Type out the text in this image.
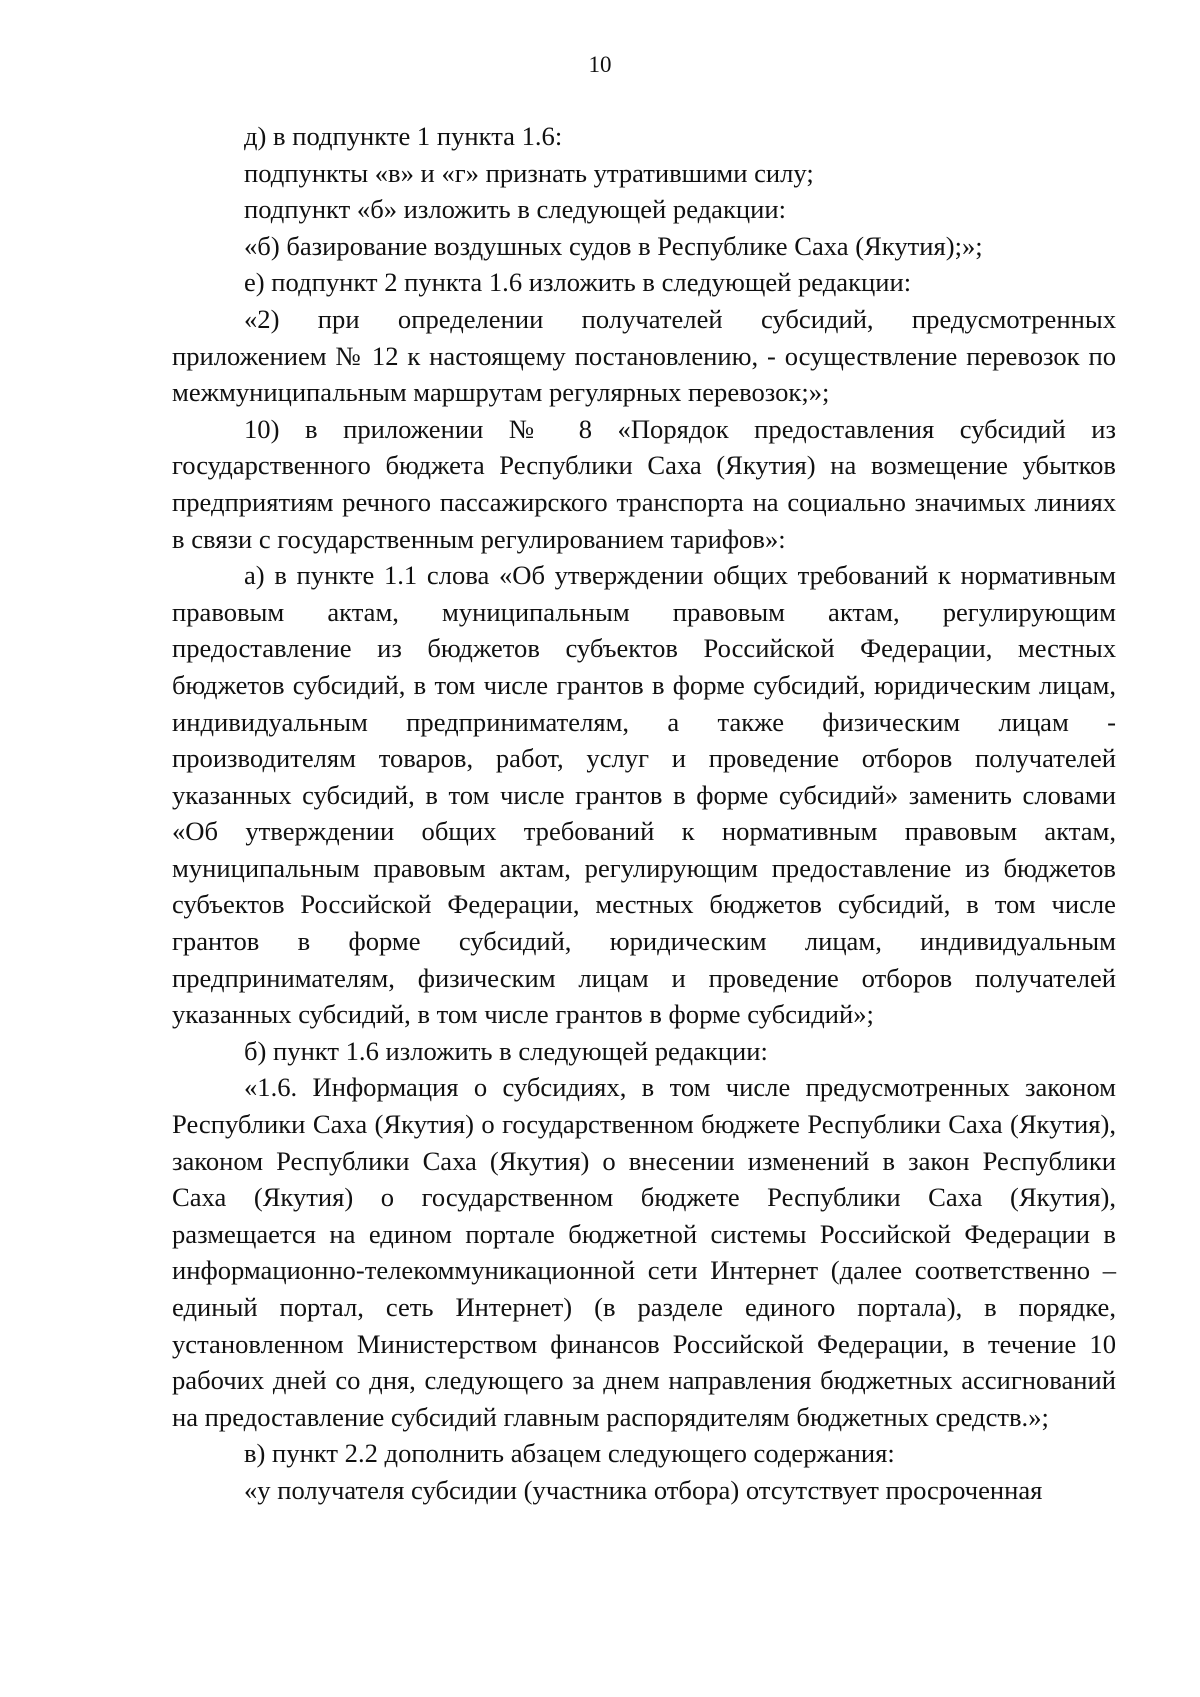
10

д) в подпункте 1 пункта 1.6:

подпункты «в» и «г» признать утратившими силу;

подпункт «б» изложить в следующей редакции:

«б) базирование воздушных судов в Республике Саха (Якутия);»;

е) подпункт 2 пункта 1.6 изложить в следующей редакции:

«2) при определении получателей субсидий, предусмотренных приложением № 12 к настоящему постановлению, - осуществление перевозок по межмуниципальным маршрутам регулярных перевозок;»;

10) в приложении № 8 «Порядок предоставления субсидий из государственного бюджета Республики Саха (Якутия) на возмещение убытков предприятиям речного пассажирского транспорта на социально значимых линиях в связи с государственным регулированием тарифов»:

а) в пункте 1.1 слова «Об утверждении общих требований к нормативным правовым актам, муниципальным правовым актам, регулирующим предоставление из бюджетов субъектов Российской Федерации, местных бюджетов субсидий, в том числе грантов в форме субсидий, юридическим лицам, индивидуальным предпринимателям, а также физическим лицам - производителям товаров, работ, услуг и проведение отборов получателей указанных субсидий, в том числе грантов в форме субсидий» заменить словами «Об утверждении общих требований к нормативным правовым актам, муниципальным правовым актам, регулирующим предоставление из бюджетов субъектов Российской Федерации, местных бюджетов субсидий, в том числе грантов в форме субсидий, юридическим лицам, индивидуальным предпринимателям, физическим лицам и проведение отборов получателей указанных субсидий, в том числе грантов в форме субсидий»;

б) пункт 1.6 изложить в следующей редакции:

«1.6. Информация о субсидиях, в том числе предусмотренных законом Республики Саха (Якутия) о государственном бюджете Республики Саха (Якутия), законом Республики Саха (Якутия) о внесении изменений в закон Республики Саха (Якутия) о государственном бюджете Республики Саха (Якутия), размещается на едином портале бюджетной системы Российской Федерации в информационно-телекоммуникационной сети Интернет (далее соответственно – единый портал, сеть Интернет) (в разделе единого портала), в порядке, установленном Министерством финансов Российской Федерации, в течение 10 рабочих дней со дня, следующего за днем направления бюджетных ассигнований на предоставление субсидий главным распорядителям бюджетных средств.»;

в) пункт 2.2 дополнить абзацем следующего содержания:

«у получателя субсидии (участника отбора) отсутствует просроченная
